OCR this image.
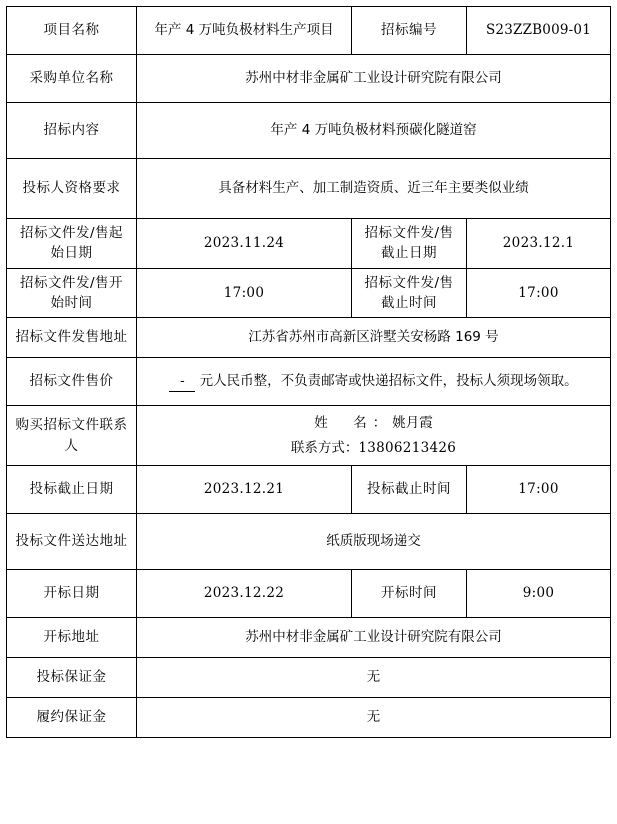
项目名称	年产 4 万吨负极材料生产项目	招标编号	S23ZZB009-01
采购单位名称	苏州中材非金属矿工业设计研究院有限公司		
招标内容	年产 4 万吨负极材料预碳化隧道窑		
投标人资格要求	具备材料生产、加工制造资质、近三年主要类似业绩		
招标文件发/售起始日期	2023.11.24	招标文件发/售截止日期	2023.12.1
招标文件发/售开始时间	17:00	招标文件发/售截止时间	17:00
招标文件发售地址	江苏省苏州市高新区浒墅关安杨路 169 号		
招标文件售价	- 元人民币整，不负责邮寄或快递招标文件，投标人须现场领取。		
购买招标文件联系人	姓　名：姚月霞
联系方式：13806213426		

投标截止日期	2023.12.21	投标截止时间	17:00
投标文件送达地址	纸质版现场递交		
开标日期	2023.12.22	开标时间	9:00
开标地址	苏州中材非金属矿工业设计研究院有限公司		
投标保证金	无		
履约保证金	无		
